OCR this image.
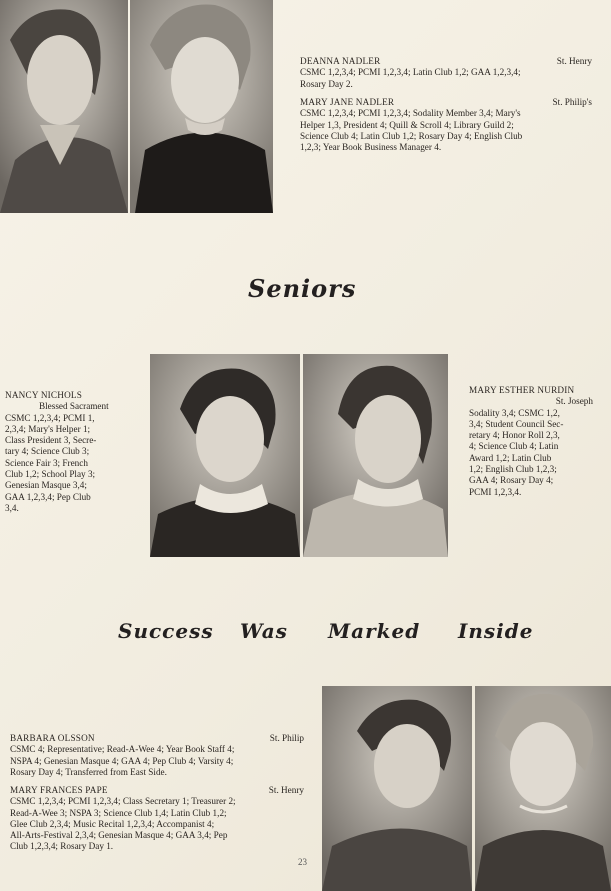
DEANNA NADLER	St. Henry
CSMC 1,2,3,4; PCMI 1,2,3,4; Latin Club 1,2; GAA 1,2,3,4;
Rosary Day 2.
MARY JANE NADLER	St. Philip's
CSMC 1,2,3,4; PCMI 1,2,3,4; Sodality Member 3,4; Mary's
Helper 1,3, President 4; Quill & Scroll 4; Library Guild 2;
Science Club 4; Latin Club 1,2; Rosary Day 4; English Club
1,2,3; Year Book Business Manager 4.
Seniors
NANCY NICHOLS
Blessed Sacrament
CSMC 1,2,3,4; PCMI 1,
2,3,4; Mary's Helper 1;
Class President 3, Secre-
tary 4; Science Club 3;
Science Fair 3; French
Club 1,2; School Play 3;
Genesian Masque 3,4;
GAA 1,2,3,4; Pep Club
3,4.
MARY ESTHER NURDIN
St. Joseph
Sodality 3,4; CSMC 1,2,
3,4; Student Council Sec-
retary 4; Honor Roll 2,3,
4; Science Club 4; Latin
Award 1,2; Latin Club
1,2; English Club 1,2,3;
GAA 4; Rosary Day 4;
PCMI 1,2,3,4.
Success Was Marked Inside
BARBARA OLSSON	St. Philip
CSMC 4; Representative; Read-A-Wee 4; Year Book Staff 4;
NSPA 4; Genesian Masque 4; GAA 4; Pep Club 4; Varsity 4;
Rosary Day 4; Transferred from East Side.
MARY FRANCES PAPE	St. Henry
CSMC 1,2,3,4; PCMI 1,2,3,4; Class Secretary 1; Treasurer 2;
Read-A-Wee 3; NSPA 3; Science Club 1,4; Latin Club 1,2;
Glee Club 2,3,4; Music Recital 1,2,3,4; Accompanist 4;
All-Arts-Festival 2,3,4; Genesian Masque 4; GAA 3,4; Pep
Club 1,2,3,4; Rosary Day 1.
23
